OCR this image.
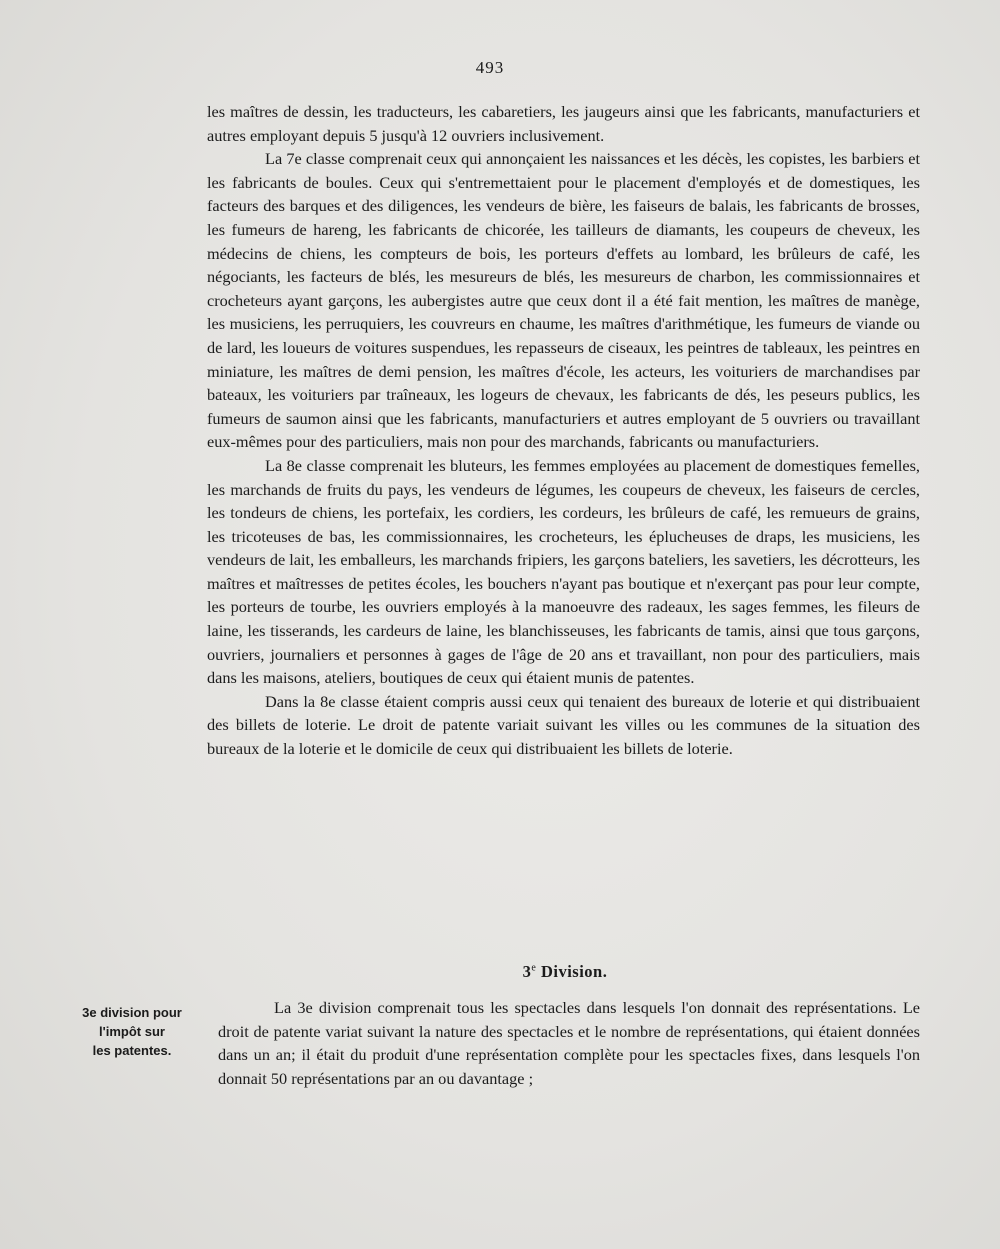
493

les maîtres de dessin, les traducteurs, les cabaretiers, les jaugeurs ainsi que les fabricants, manufacturiers et autres employant depuis 5 jusqu'à 12 ouvriers inclusivement.

La 7e classe comprenait ceux qui annonçaient les naissances et les décès, les copistes, les barbiers et les fabricants de boules. Ceux qui s'entremettaient pour le placement d'employés et de domestiques, les facteurs des barques et des diligences, les vendeurs de bière, les faiseurs de balais, les fabricants de brosses, les fumeurs de hareng, les fabricants de chicorée, les tailleurs de diamants, les coupeurs de cheveux, les médecins de chiens, les compteurs de bois, les porteurs d'effets au lombard, les brûleurs de café, les négociants, les facteurs de blés, les mesureurs de blés, les mesureurs de charbon, les commissionnaires et crocheteurs ayant garçons, les aubergistes autre que ceux dont il a été fait mention, les maîtres de manège, les musiciens, les perruquiers, les couvreurs en chaume, les maîtres d'arithmétique, les fumeurs de viande ou de lard, les loueurs de voitures suspendues, les repasseurs de ciseaux, les peintres de tableaux, les peintres en miniature, les maîtres de demi pension, les maîtres d'école, les acteurs, les voituriers de marchandises par bateaux, les voituriers par traîneaux, les logeurs de chevaux, les fabricants de dés, les peseurs publics, les fumeurs de saumon ainsi que les fabricants, manufacturiers et autres employant de 5 ouvriers ou travaillant eux-mêmes pour des particuliers, mais non pour des marchands, fabricants ou manufacturiers.

La 8e classe comprenait les bluteurs, les femmes employées au placement de domestiques femelles, les marchands de fruits du pays, les vendeurs de légumes, les coupeurs de cheveux, les faiseurs de cercles, les tondeurs de chiens, les portefaix, les cordiers, les cordeurs, les brûleurs de café, les remueurs de grains, les tricoteuses de bas, les commissionnaires, les crocheteurs, les éplucheuses de draps, les musiciens, les vendeurs de lait, les emballeurs, les marchands fripiers, les garçons bateliers, les savetiers, les décrotteurs, les maîtres et maîtresses de petites écoles, les bouchers n'ayant pas boutique et n'exerçant pas pour leur compte, les porteurs de tourbe, les ouvriers employés à la manoeuvre des radeaux, les sages femmes, les fileurs de laine, les tisserands, les cardeurs de laine, les blanchisseuses, les fabricants de tamis, ainsi que tous garçons, ouvriers, journaliers et personnes à gages de l'âge de 20 ans et travaillant, non pour des particuliers, mais dans les maisons, ateliers, boutiques de ceux qui étaient munis de patentes.

Dans la 8e classe étaient compris aussi ceux qui tenaient des bureaux de loterie et qui distribuaient des billets de loterie. Le droit de patente variait suivant les villes ou les communes de la situation des bureaux de la loterie et le domicile de ceux qui distribuaient les billets de loterie.

3e Division.
3e division pour
l'impôt sur
les patentes.

La 3e division comprenait tous les spectacles dans lesquels l'on donnait des représentations. Le droit de patente variat suivant la nature des spectacles et le nombre de représentations, qui étaient données dans un an; il était du produit d'une représentation complète pour les spectacles fixes, dans lesquels l'on donnait 50 représentations par an ou davantage ;
